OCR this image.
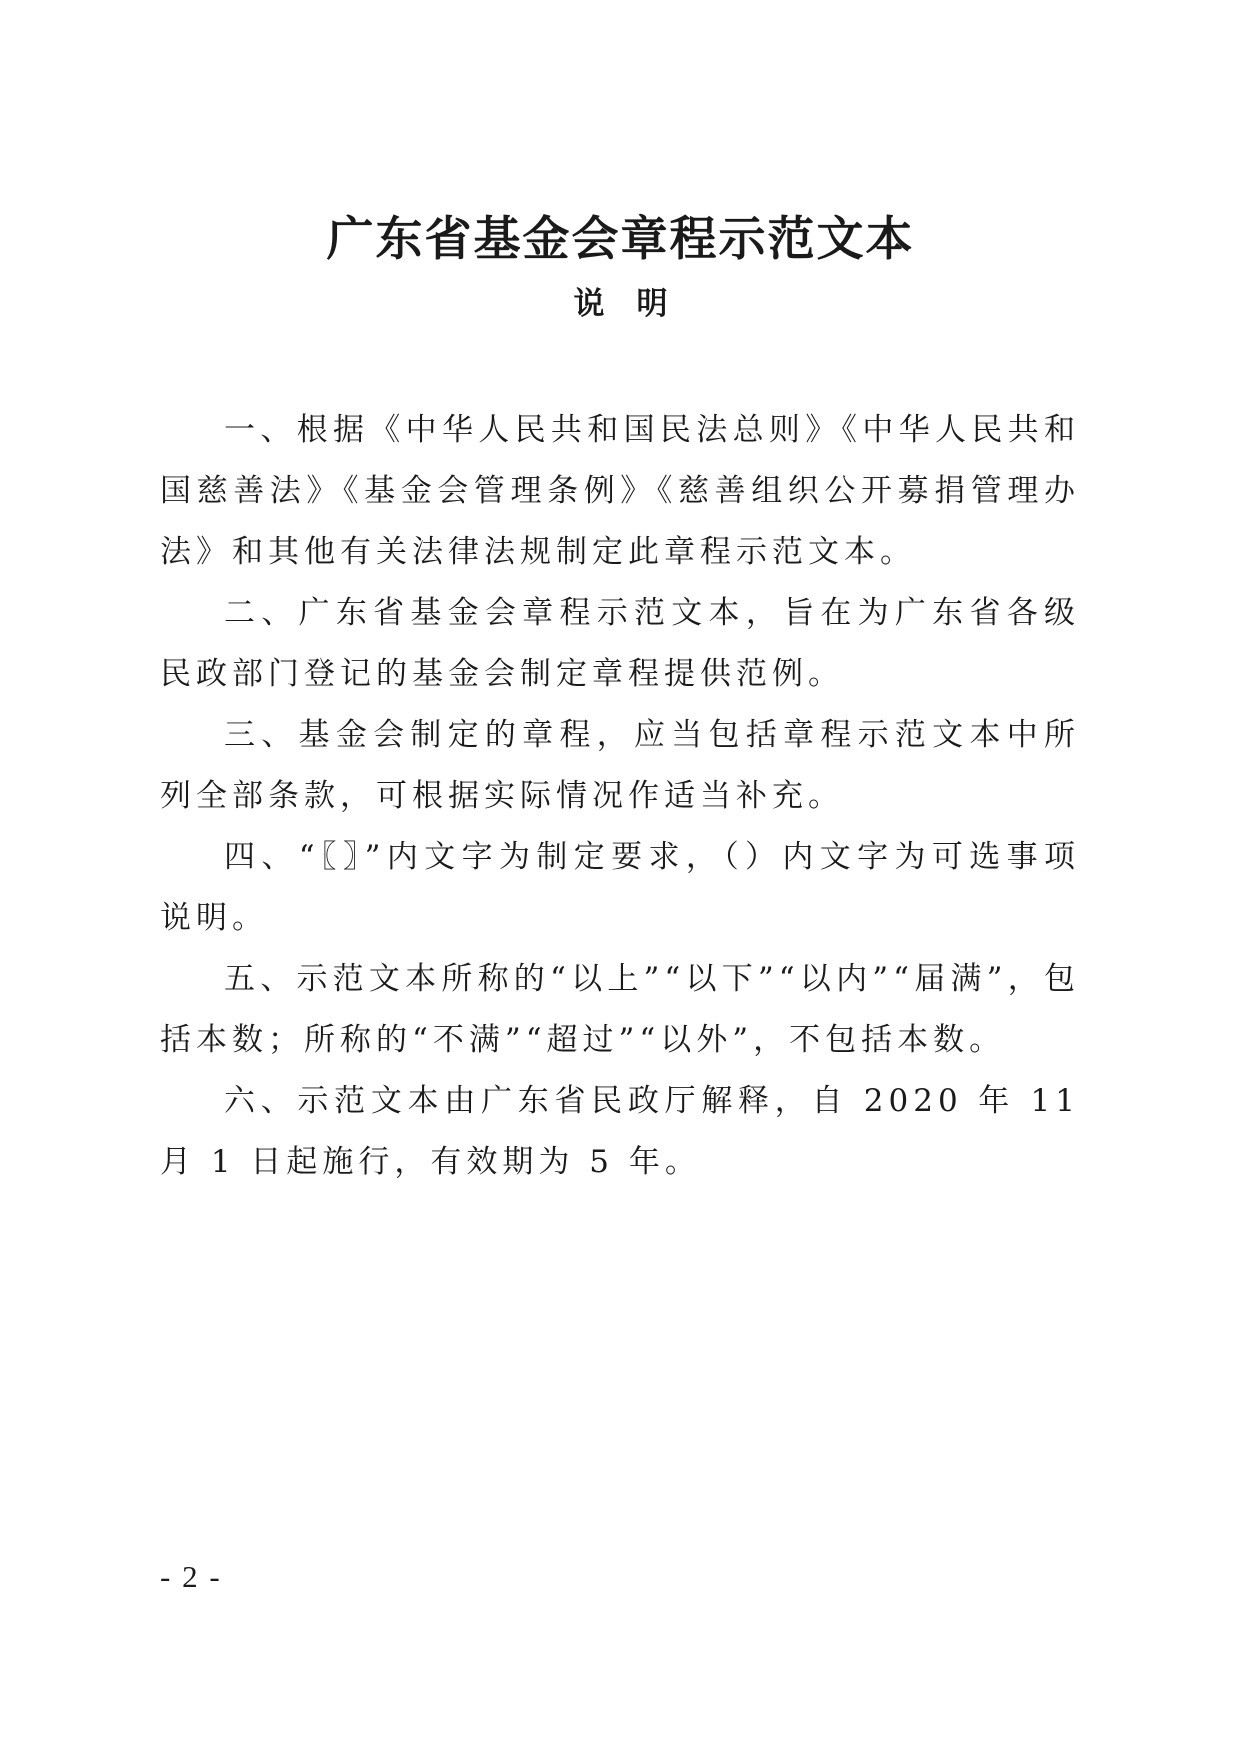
广东省基金会章程示范文本
说明

一、根据《中华人民共和国民法总则》《中华人民共和国慈善法》《基金会管理条例》《慈善组织公开募捐管理办法》和其他有关法律法规制定此章程示范文本。

二、广东省基金会章程示范文本，旨在为广东省各级民政部门登记的基金会制定章程提供范例。

三、基金会制定的章程，应当包括章程示范文本中所列全部条款，可根据实际情况作适当补充。

四、“〖〗”内文字为制定要求，（）内文字为可选事项说明。

五、示范文本所称的“以上”“以下”“以内”“届满”，包括本数；所称的“不满”“超过”“以外”，不包括本数。

六、示范文本由广东省民政厅解释，自 2020 年 11 月 1 日起施行，有效期为 5 年。

- 2 -
